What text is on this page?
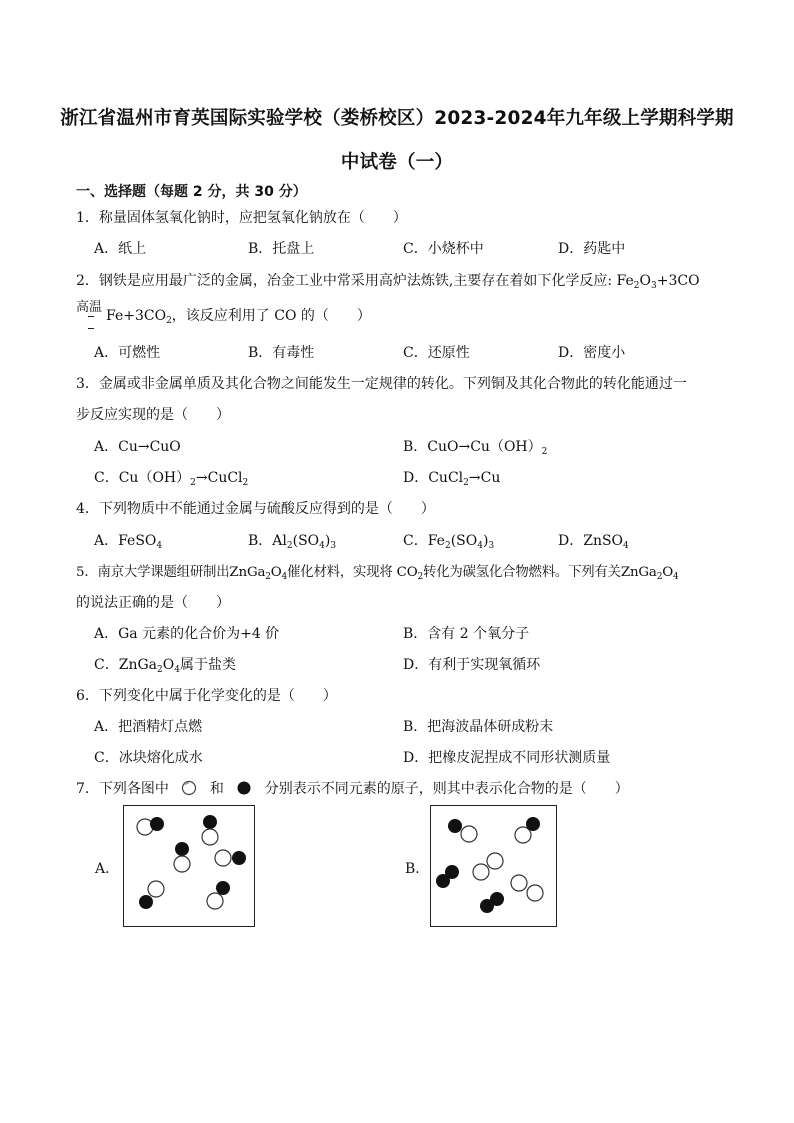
浙江省温州市育英国际实验学校（娄桥校区）2023-2024年九年级上学期科学期
中试卷（一）
一、选择题（每题 2 分，共 30 分）
1．称量固体氢氧化钠时，应把氢氧化钠放在（　　）
A．纸上	B．托盘上	C．小烧杯中	D．药匙中
2．钢铁是应用最广泛的金属，冶金工业中常采用高炉法炼铁,主要存在着如下化学反应: $Fe_2O_3+3CO$
高温
$Fe+3CO_2$，该反应利用了 CO 的（　　）
A．可燃性	B．有毒性	C．还原性	D．密度小
3．金属或非金属单质及其化合物之间能发生一定规律的转化。下列铜及其化合物此的转化能通过一
步反应实现的是（　　）
A．Cu→CuO	B．$CuO\to Cu(OH)_2$
C．$Cu(OH)_2\to CuCl_2$	D．CuCl$_2$→Cu
4．下列物质中不能通过金属与硫酸反应得到的是（　　）
A．FeSO$_4$	B．$Al_2(SO_4)_3$	C．$Fe_2(SO_4)_3$	D．ZnSO$_4$
5．南京大学课题组研制出$ZnGa_2O_4$催化材料，实现将 $CO_2$转化为碳氢化合物燃料。下列有关$ZnGa_2O_4$
的说法正确的是（　　）
A．Ga 元素的化合价为+4 价	B．含有 2 个氧分子
C．$ZnGa_2O_4$属于盐类	D．有利于实现氧循环
6．下列变化中属于化学变化的是（　　）
A．把酒精灯点燃	B．把海波晶体研成粉末
C．冰块熔化成水	D．把橡皮泥捏成不同形状测质量
7．下列各图中	和	分别表示不同元素的原子，则其中表示化合物的是（　　）
A．	B．
